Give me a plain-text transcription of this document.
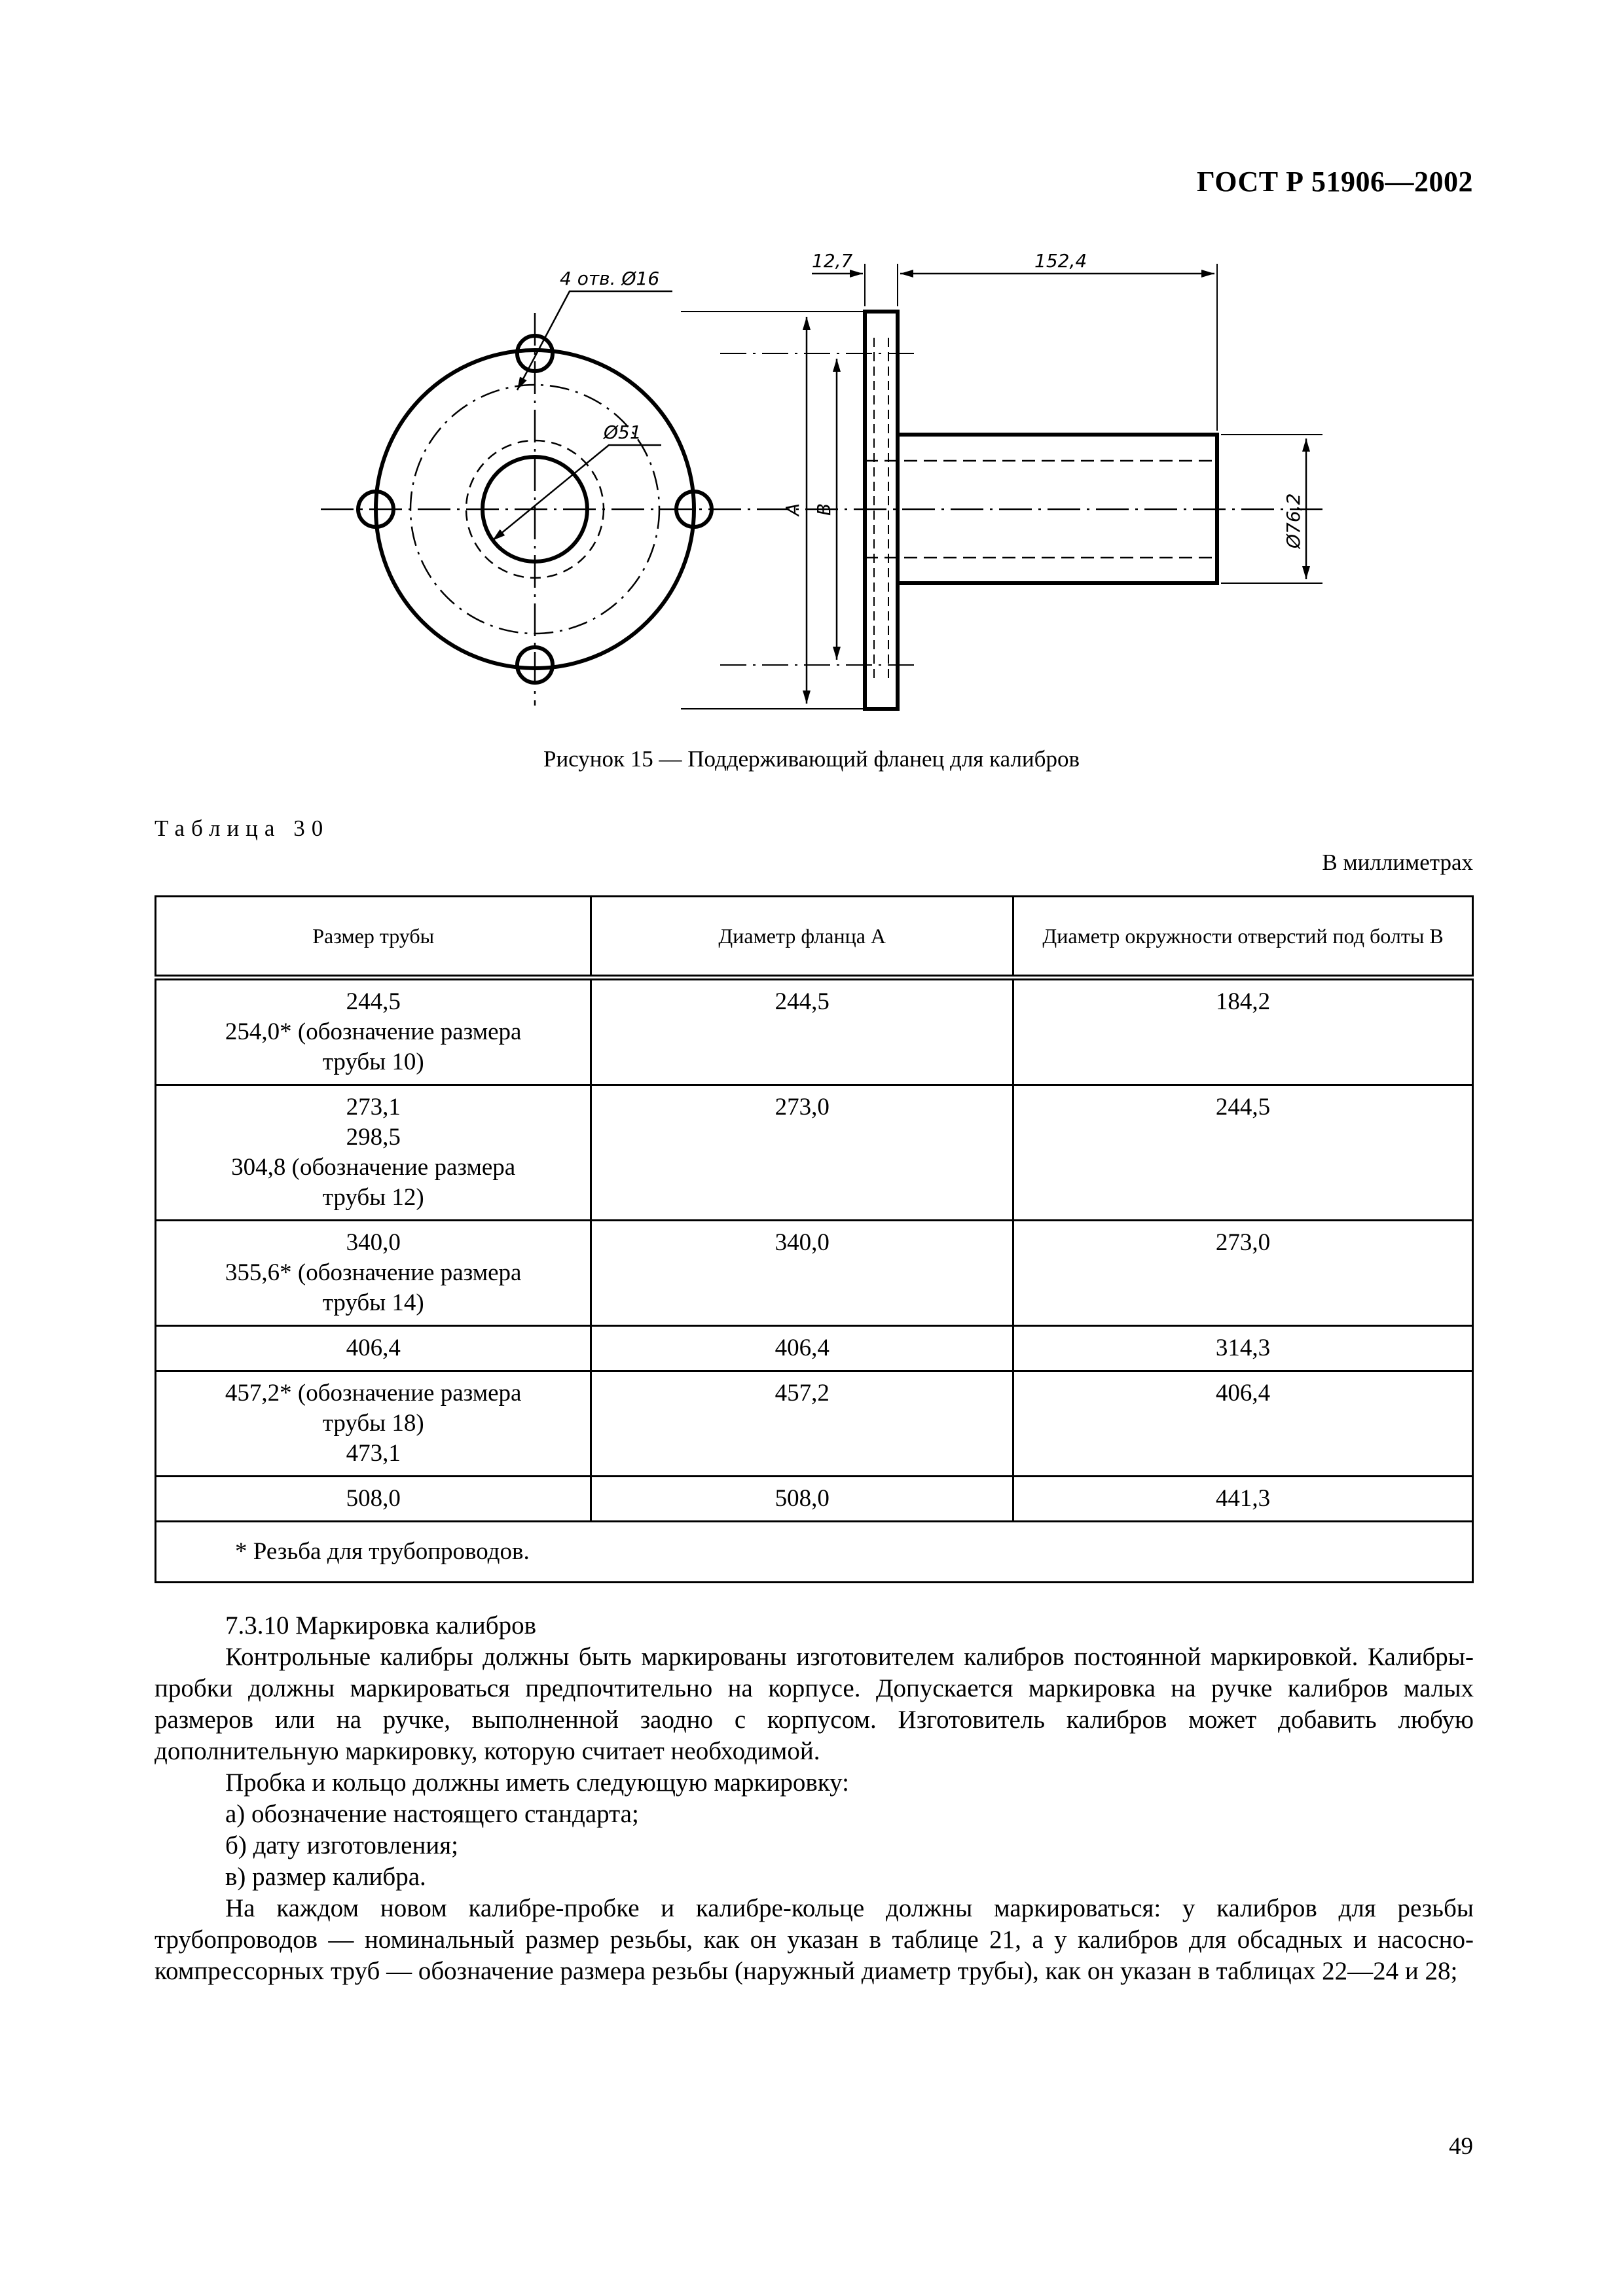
ГОСТ Р 51906—2002
4 отв. Ø16
Ø51
12,7	152,4
A B	Ø76,2
Рисунок 15 — Поддерживающий фланец для калибров
Таблица 30
В миллиметрах
Размер трубы	Диаметр фланца A	Диаметр окружности отверстий под болты B

244,5
254,0* (обозначение размера
трубы 10)	244,5	184,2

273,1
298,5
304,8 (обозначение размера
трубы 12)	273,0	244,5

340,0
355,6* (обозначение размера
трубы 14)	340,0	273,0

406,4	406,4	314,3

457,2* (обозначение размера
трубы 18)
473,1	457,2	406,4

508,0	508,0	441,3
* Резьба для трубопроводов.		

7.3.10 Маркировка калибров

Контрольные калибры должны быть маркированы изготовителем калибров постоянной маркировкой. Калибры-пробки должны маркироваться предпочтительно на корпусе. Допускается маркировка на ручке калибров малых размеров или на ручке, выполненной заодно с корпусом. Изготовитель калибров может добавить любую дополнительную маркировку, которую считает необходимой.

Пробка и кольцо должны иметь следующую маркировку:

а) обозначение настоящего стандарта;

б) дату изготовления;

в) размер калибра.

На каждом новом калибре-пробке и калибре-кольце должны маркироваться: у калибров для резьбы трубопроводов — номинальный размер резьбы, как он указан в таблице 21, а у калибров для обсадных и насосно-компрессорных труб — обозначение размера резьбы (наружный диаметр трубы), как он указан в таблицах 22—24 и 28;

49
